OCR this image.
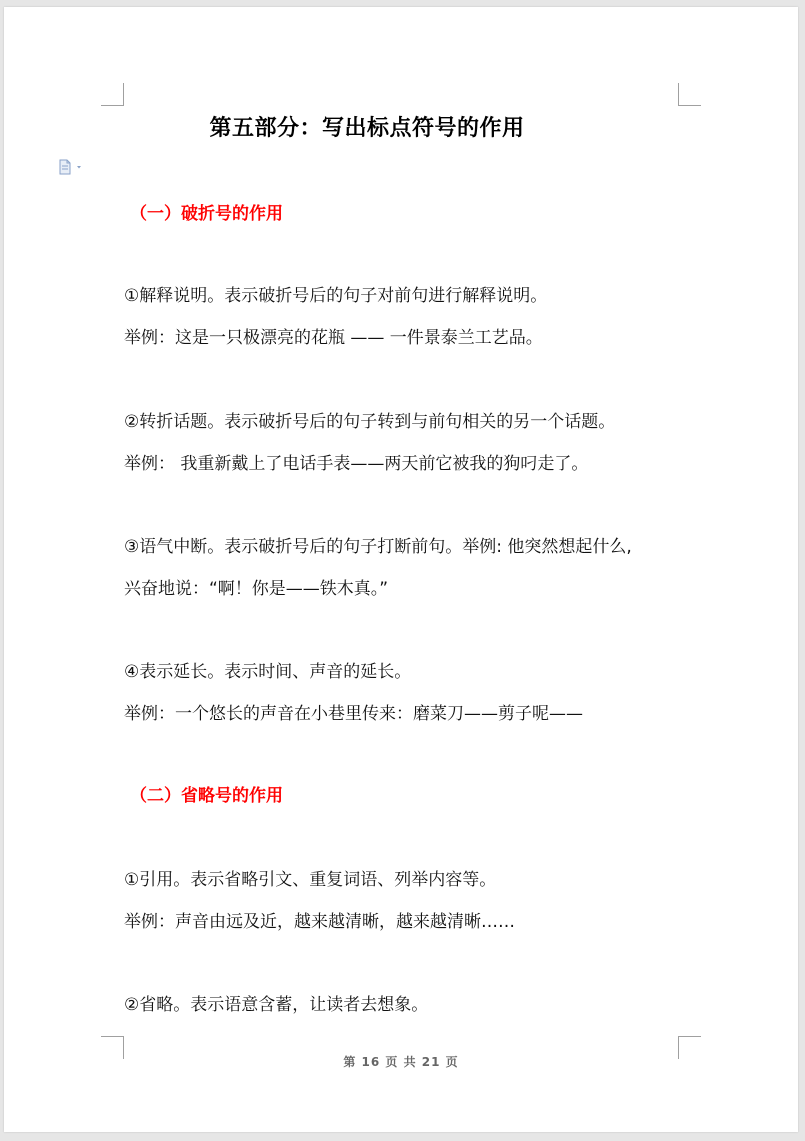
第五部分：写出标点符号的作用
（一）破折号的作用
①解释说明。表示破折号后的句子对前句进行解释说明。
举例：这是一只极漂亮的花瓶 —— 一件景泰兰工艺品。
②转折话题。表示破折号后的句子转到与前句相关的另一个话题。
举例： 我重新戴上了电话手表——两天前它被我的狗叼走了。
③语气中断。表示破折号后的句子打断前句。举例: 他突然想起什么,
兴奋地说：“啊！你是——铁木真。”
④表示延长。表示时间、声音的延长。
举例：一个悠长的声音在小巷里传来：磨菜刀——剪子呢——
（二）省略号的作用
①引用。表示省略引文、重复词语、列举内容等。
举例：声音由远及近，越来越清晰，越来越清晰……
②省略。表示语意含蓄，让读者去想象。
第 16 页 共 21 页
